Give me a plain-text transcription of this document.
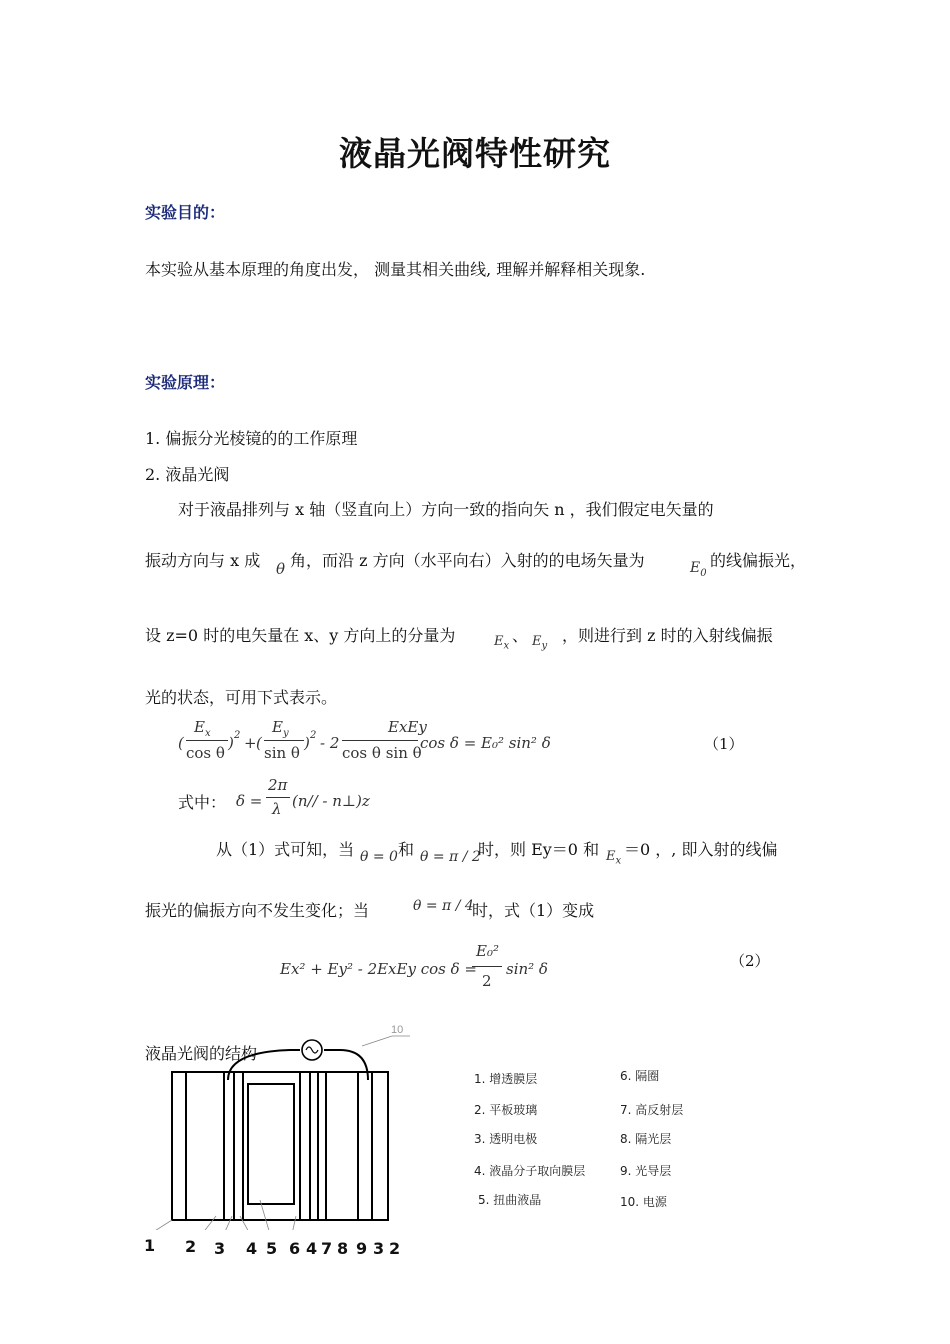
液晶光阀特性研究
实验目的：
本实验从基本原理的角度出发， 测量其相关曲线, 理解并解释相关现象.
实验原理：
1. 偏振分光棱镜的的工作原理
2. 液晶光阀
对于液晶排列与 x 轴（竖直向上）方向一致的指向矢 n ，我们假定电矢量的
振动方向与 x 成 θ 角，而沿 z 方向（水平向右）入射的的电场矢量为	$E_0$
的线偏振光，
设 z=0 时的电矢量在 x、y 方向上的分量为	$E_x$
、 $E_y$
，则进行到 z 时的入射线偏振
光的状态，可用下式表示。
(
$E_x$
cos θ
) 2 + (
$E_y$
sin θ
) 2 - 2
ExEy
cos θ sin θ
cos δ = E₀² sin² δ	（1）
式中： δ =
2π
λ (n// - n⊥)z
从（1）式可知，当 θ = 0 和 θ = π / 2
时，则 Ey＝0 和 $E_x$
＝0 ，, 即入射的线偏
振光的偏振方向不发生变化；当	θ = π / 4
时，式（1）变成
Ex² + Ey² - 2ExEy cos δ =
E₀²
2
sin² δ	（2）
液晶光阀的结构
10
1 2 3 4 5 6 4 7 8 9 3 2
1. 增透膜层
2. 平板玻璃
3. 透明电极
4. 液晶分子取向膜层
5. 扭曲液晶
6. 隔圈
7. 高反射层
8. 隔光层
9. 光导层
10. 电源
